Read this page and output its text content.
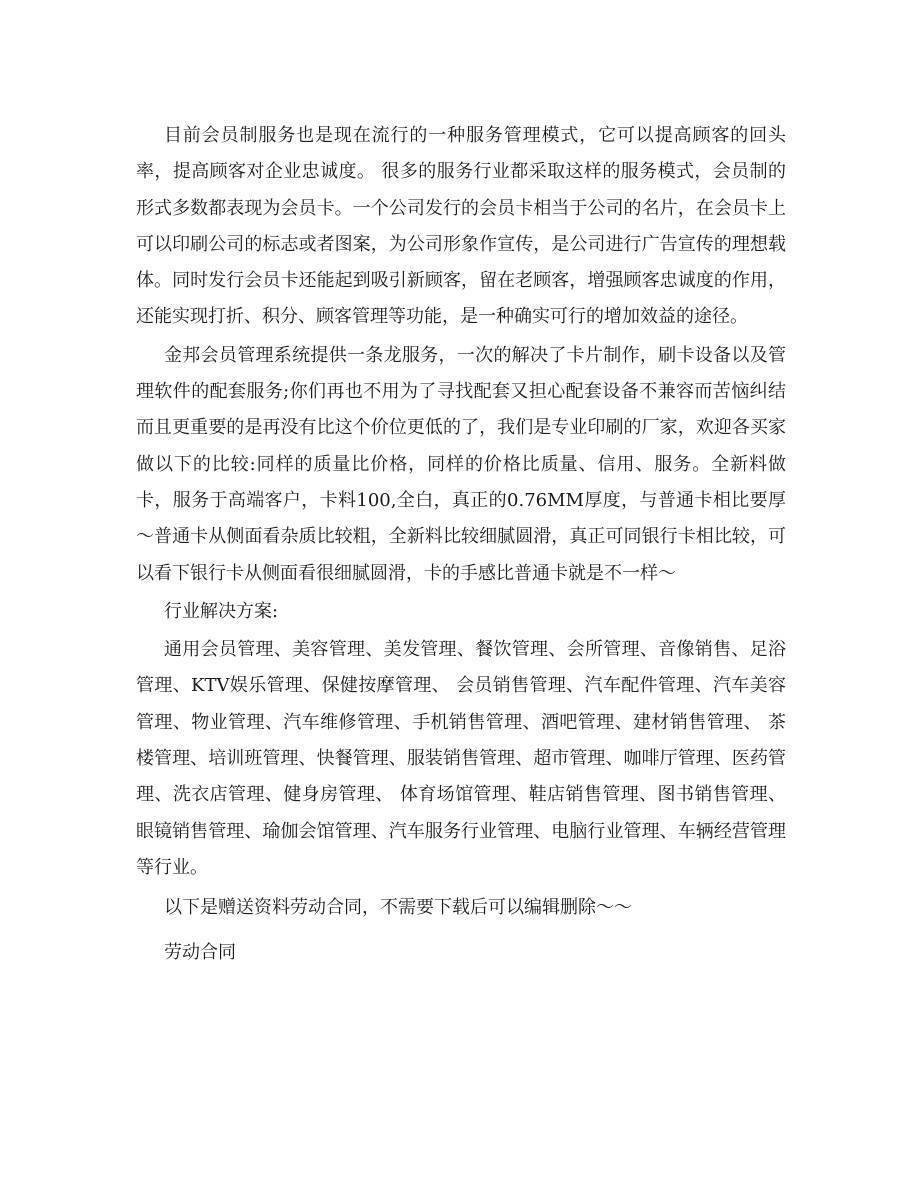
目前会员制服务也是现在流行的一种服务管理模式，它可以提高顾客的回头率，提高顾客对企业忠诚度。 很多的服务行业都采取这样的服务模式，会员制的形式多数都表现为会员卡。一个公司发行的会员卡相当于公司的名片，在会员卡上可以印刷公司的标志或者图案，为公司形象作宣传，是公司进行广告宣传的理想载体。同时发行会员卡还能起到吸引新顾客，留在老顾客，增强顾客忠诚度的作用，还能实现打折、积分、顾客管理等功能，是一种确实可行的增加效益的途径。

金邦会员管理系统提供一条龙服务，一次的解决了卡片制作，刷卡设备以及管理软件的配套服务;你们再也不用为了寻找配套又担心配套设备不兼容而苦恼纠结而且更重要的是再没有比这个价位更低的了，我们是专业印刷的厂家，欢迎各买家做以下的比较:同样的质量比价格，同样的价格比质量、信用、服务。全新料做卡，服务于高端客户，卡料100,全白，真正的0.76MM厚度，与普通卡相比要厚～普通卡从侧面看杂质比较粗，全新料比较细腻圆滑，真正可同银行卡相比较，可以看下银行卡从侧面看很细腻圆滑，卡的手感比普通卡就是不一样～

行业解决方案:

通用会员管理、美容管理、美发管理、餐饮管理、会所管理、音像销售、足浴管理、KTV娱乐管理、保健按摩管理、 会员销售管理、汽车配件管理、汽车美容管理、物业管理、汽车维修管理、手机销售管理、酒吧管理、建材销售管理、 茶楼管理、培训班管理、快餐管理、服装销售管理、超市管理、咖啡厅管理、医药管理、洗衣店管理、健身房管理、 体育场馆管理、鞋店销售管理、图书销售管理、眼镜销售管理、瑜伽会馆管理、汽车服务行业管理、电脑行业管理、车辆经营管理等行业。

以下是赠送资料劳动合同，不需要下载后可以编辑删除～～

劳动合同
